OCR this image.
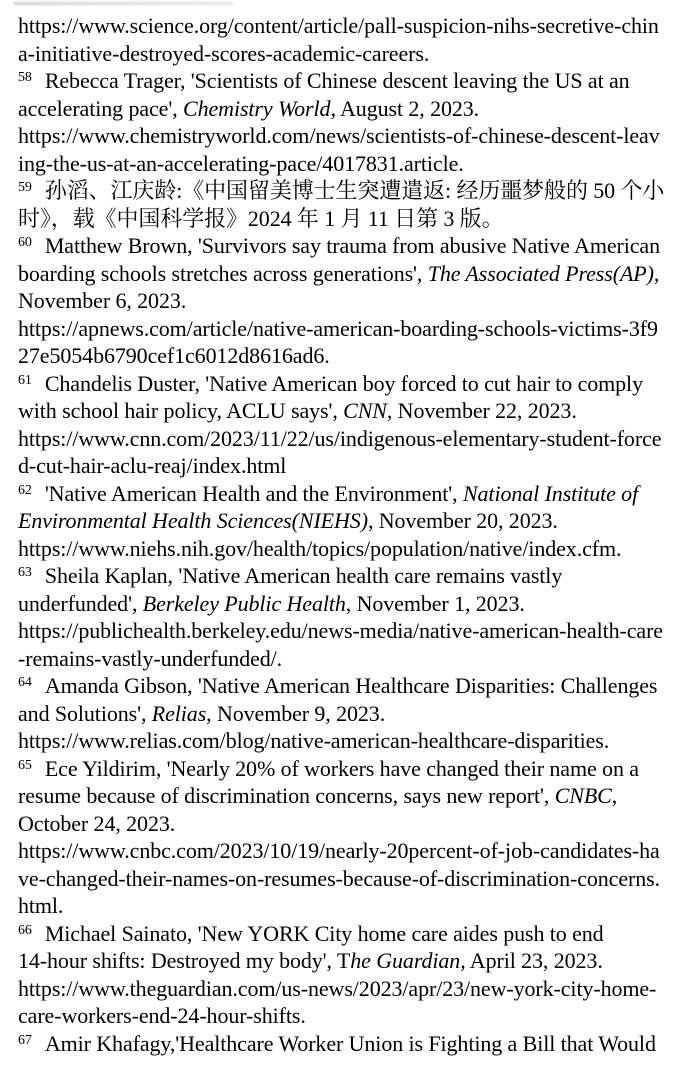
https://www.science.org/content/article/pall-suspicion-nihs-secretive-chin
a-initiative-destroyed-scores-academic-careers.
$^{58}$ Rebecca Trager, 'Scientists of Chinese descent leaving the US at an
accelerating pace', Chemistry World, August 2, 2023.
https://www.chemistryworld.com/news/scientists-of-chinese-descent-leav
ing-the-us-at-an-accelerating-pace/4017831.article.
$^{59}$ 孙滔、江庆龄:《中国留美博士生突遭遣返: 经历噩梦般的 50 个小
时》，载《中国科学报》2024 年 1 月 11 日第 3 版。
$^{60}$ Matthew Brown, 'Survivors say trauma from abusive Native American
boarding schools stretches across generations', The Associated Press(AP),
November 6, 2023.
https://apnews.com/article/native-american-boarding-schools-victims-3f9
27e5054b6790cef1c6012d8616ad6.
$^{61}$ Chandelis Duster, 'Native American boy forced to cut hair to comply
with school hair policy, ACLU says', CNN, November 22, 2023.
https://www.cnn.com/2023/11/22/us/indigenous-elementary-student-force
d-cut-hair-aclu-reaj/index.html
$^{62}$ 'Native American Health and the Environment', National Institute of
Environmental Health Sciences(NIEHS), November 20, 2023.
https://www.niehs.nih.gov/health/topics/population/native/index.cfm.
$^{63}$ Sheila Kaplan, 'Native American health care remains vastly
underfunded', Berkeley Public Health, November 1, 2023.
https://publichealth.berkeley.edu/news-media/native-american-health-care
-remains-vastly-underfunded/.
$^{64}$ Amanda Gibson, 'Native American Healthcare Disparities: Challenges
and Solutions', Relias, November 9, 2023.
https://www.relias.com/blog/native-american-healthcare-disparities.
$^{65}$ Ece Yildirim, 'Nearly 20% of workers have changed their name on a
resume because of discrimination concerns, says new report', CNBC,
October 24, 2023.
https://www.cnbc.com/2023/10/19/nearly-20percent-of-job-candidates-ha
ve-changed-their-names-on-resumes-because-of-discrimination-concerns.
html.
$^{66}$ Michael Sainato, 'New YORK City home care aides push to end
14-hour shifts: Destroyed my body', The Guardian, April 23, 2023.
https://www.theguardian.com/us-news/2023/apr/23/new-york-city-home-
care-workers-end-24-hour-shifts.
$^{67}$ Amir Khafagy,'Healthcare Worker Union is Fighting a Bill that Would
